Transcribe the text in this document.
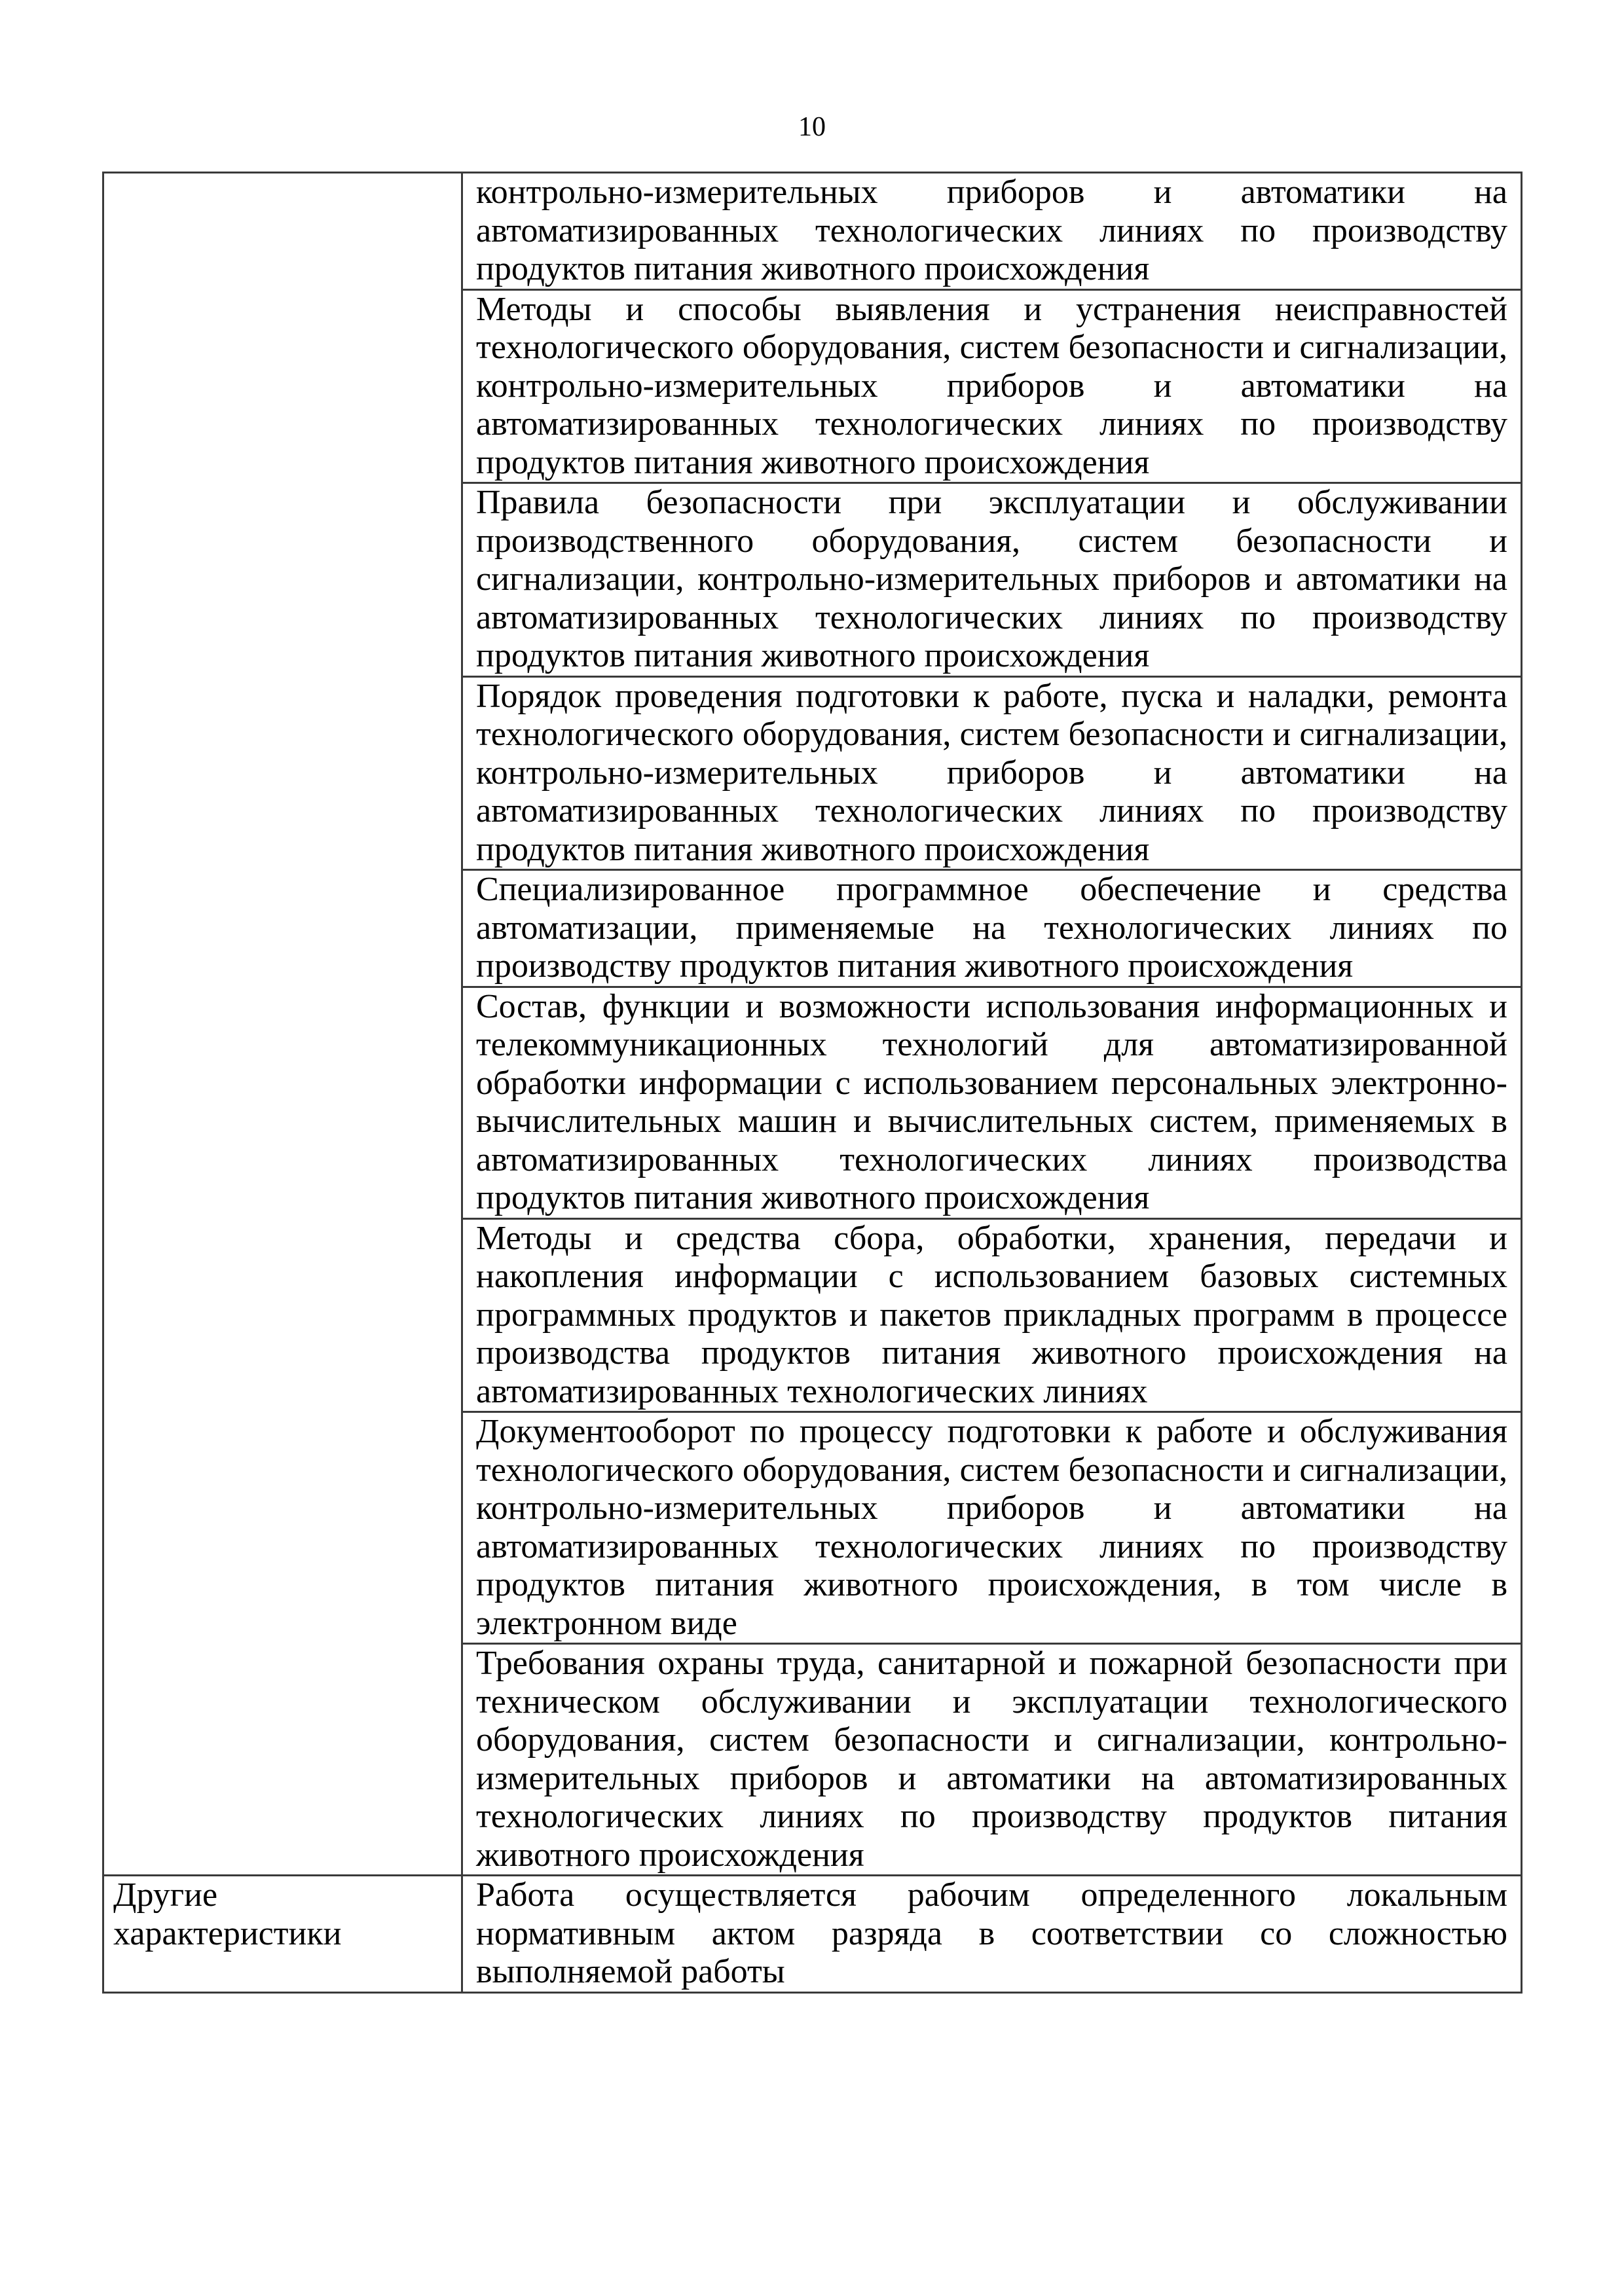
10

	контрольно-измерительных приборов и автоматики на автоматизированных технологических линиях по производству продуктов питания животного происхождения

	Методы и способы выявления и устранения неисправностей технологического оборудования, систем безопасности и сигнализации, контрольно-измерительных приборов и автоматики на автоматизированных технологических линиях по производству продуктов питания животного происхождения

	Правила безопасности при эксплуатации и обслуживании производственного оборудования, систем безопасности и сигнализации, контрольно-измерительных приборов и автоматики на автоматизированных технологических линиях по производству продуктов питания животного происхождения

	Порядок проведения подготовки к работе, пуска и наладки, ремонта технологического оборудования, систем безопасности и сигнализации, контрольно-измерительных приборов и автоматики на автоматизированных технологических линиях по производству продуктов питания животного происхождения

	Специализированное программное обеспечение и средства автоматизации, применяемые на технологических линиях по производству продуктов питания животного происхождения

	Состав, функции и возможности использования информационных и телекоммуникационных технологий для автоматизированной обработки информации с использованием персональных электронно-вычислительных машин и вычислительных систем, применяемых в автоматизированных технологических линиях производства продуктов питания животного происхождения

	Методы и средства сбора, обработки, хранения, передачи и накопления информации с использованием базовых системных программных продуктов и пакетов прикладных программ в процессе производства продуктов питания животного происхождения на автоматизированных технологических линиях

	Документооборот по процессу подготовки к работе и обслуживания технологического оборудования, систем безопасности и сигнализации, контрольно-измерительных приборов и автоматики на автоматизированных технологических линиях по производству продуктов питания животного происхождения, в том числе в электронном виде

	Требования охраны труда, санитарной и пожарной безопасности при техническом обслуживании и эксплуатации технологического оборудования, систем безопасности и сигнализации, контрольно-измерительных приборов и автоматики на автоматизированных технологических линиях по производству продуктов питания животного происхождения

Другие характеристики	Работа осуществляется рабочим определенного локальным нормативным актом разряда в соответствии со сложностью выполняемой работы
